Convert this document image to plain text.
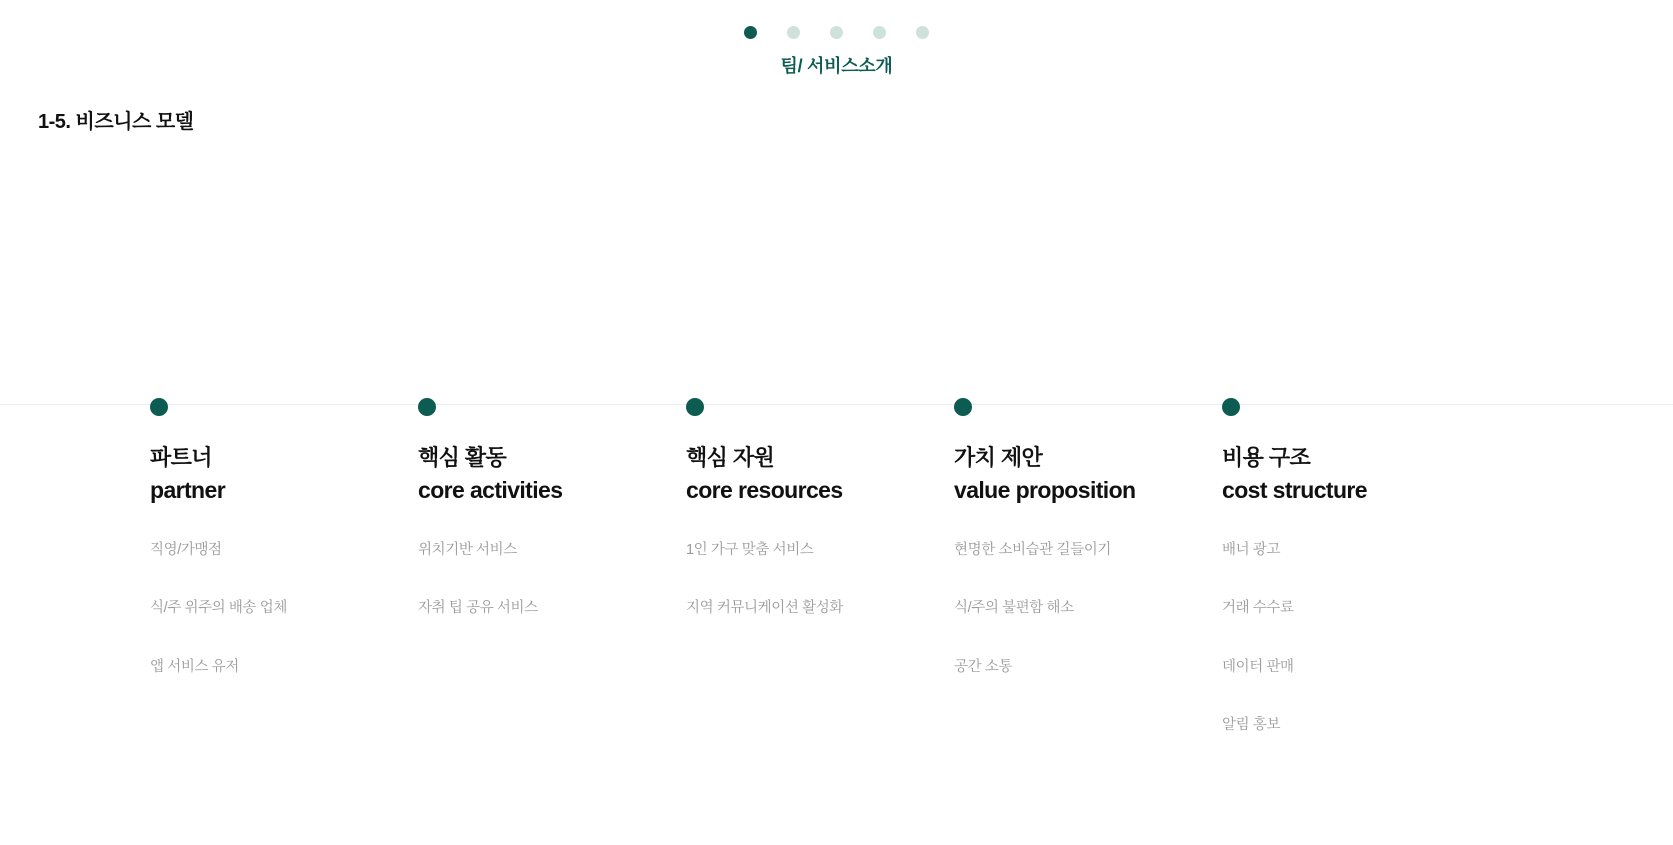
팀/ 서비스소개
1-5. 비즈니스 모델
파트너
partner
직영/가맹점
식/주 위주의 배송 업체
앱 서비스 유저
핵심 활동
core activities
위치기반 서비스
자취 팁 공유 서비스
핵심 자원
core resources
1인 가구 맞춤 서비스
지역 커뮤니케이션 활성화
가치 제안
value proposition
현명한 소비습관 길들이기
식/주의 불편함 해소
공간 소통
비용 구조
cost structure
배너 광고
거래 수수료
데이터 판매
알림 홍보
